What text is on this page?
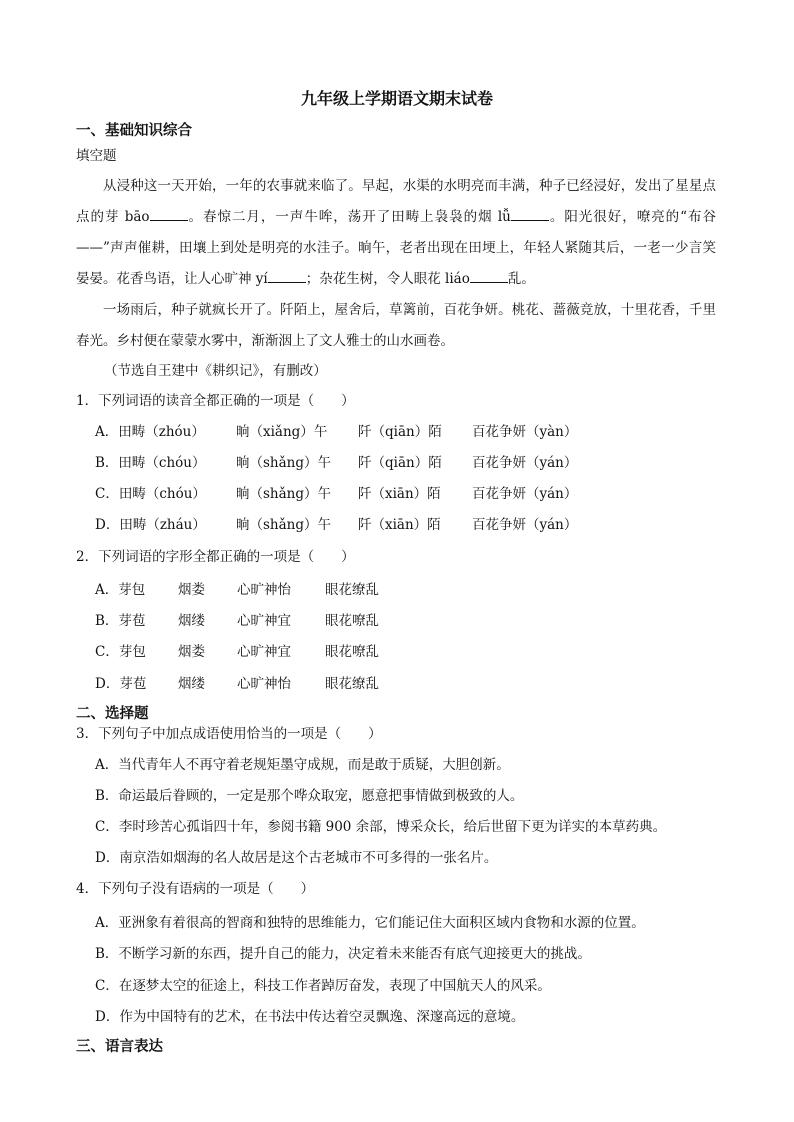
九年级上学期语文期末试卷
一、基础知识综合
填空题

从浸种这一天开始，一年的农事就来临了。早起，水渠的水明亮而丰满，种子已经浸好，发出了星星点点的芽 bāo	。春惊二月，一声牛哞，荡开了田畴上袅袅的烟 lǚ	。阳光很好，嘹亮的“布谷——”声声催耕，田壤上到处是明亮的水洼子。晌午，老者出现在田埂上，年轻人紧随其后，一老一少言笑晏晏。花香鸟语，让人心旷神 yí	；杂花生树，令人眼花 liáo	乱。

一场雨后，种子就疯长开了。阡陌上，屋舍后，草篱前，百花争妍。桃花、蔷薇竞放，十里花香，千里春光。乡村便在蒙蒙水雾中，渐渐洇上了文人雅士的山水画卷。

（节选自王建中《耕织记》，有删改）
1．下列词语的读音全都正确的一项是（　　）
A．田畴（zhóu） 晌（xiǎng）午 阡（qiān）陌 百花争妍（yàn）
B．田畴（chóu） 晌（shǎng）午 阡（qiān）陌 百花争妍（yán）
C．田畴（chóu） 晌（shǎng）午 阡（xiān）陌 百花争妍（yán）
D．田畴（zháu） 晌（shǎng）午 阡（xiān）陌 百花争妍（yán）
2．下列词语的字形全都正确的一项是（　　）
A．芽包 烟娄 心旷神怡	眼花缭乱
B．芽苞 烟缕 心旷神宜	眼花嘹乱
C．芽包 烟娄 心旷神宜	眼花嘹乱
D．芽苞 烟缕 心旷神怡	眼花缭乱
二、选择题
3．下列句子中加点成语使用恰当的一项是（　　）
A．当代青年人不再守着老规矩墨守成规，而是敢于质疑，大胆创新。
B．命运最后眷顾的，一定是那个哗众取宠，愿意把事情做到极致的人。
C．李时珍苦心孤诣四十年，参阅书籍 900 余部，博采众长，给后世留下更为详实的本草药典。
D．南京浩如烟海的名人故居是这个古老城市不可多得的一张名片。
4．下列句子没有语病的一项是（　　）
A．亚洲象有着很高的智商和独特的思维能力，它们能记住大面积区域内食物和水源的位置。
B．不断学习新的东西，提升自己的能力，决定着未来能否有底气迎接更大的挑战。
C．在逐梦太空的征途上，科技工作者踔厉奋发，表现了中国航天人的风采。
D．作为中国特有的艺术，在书法中传达着空灵飘逸、深邃高远的意境。
三、语言表达
